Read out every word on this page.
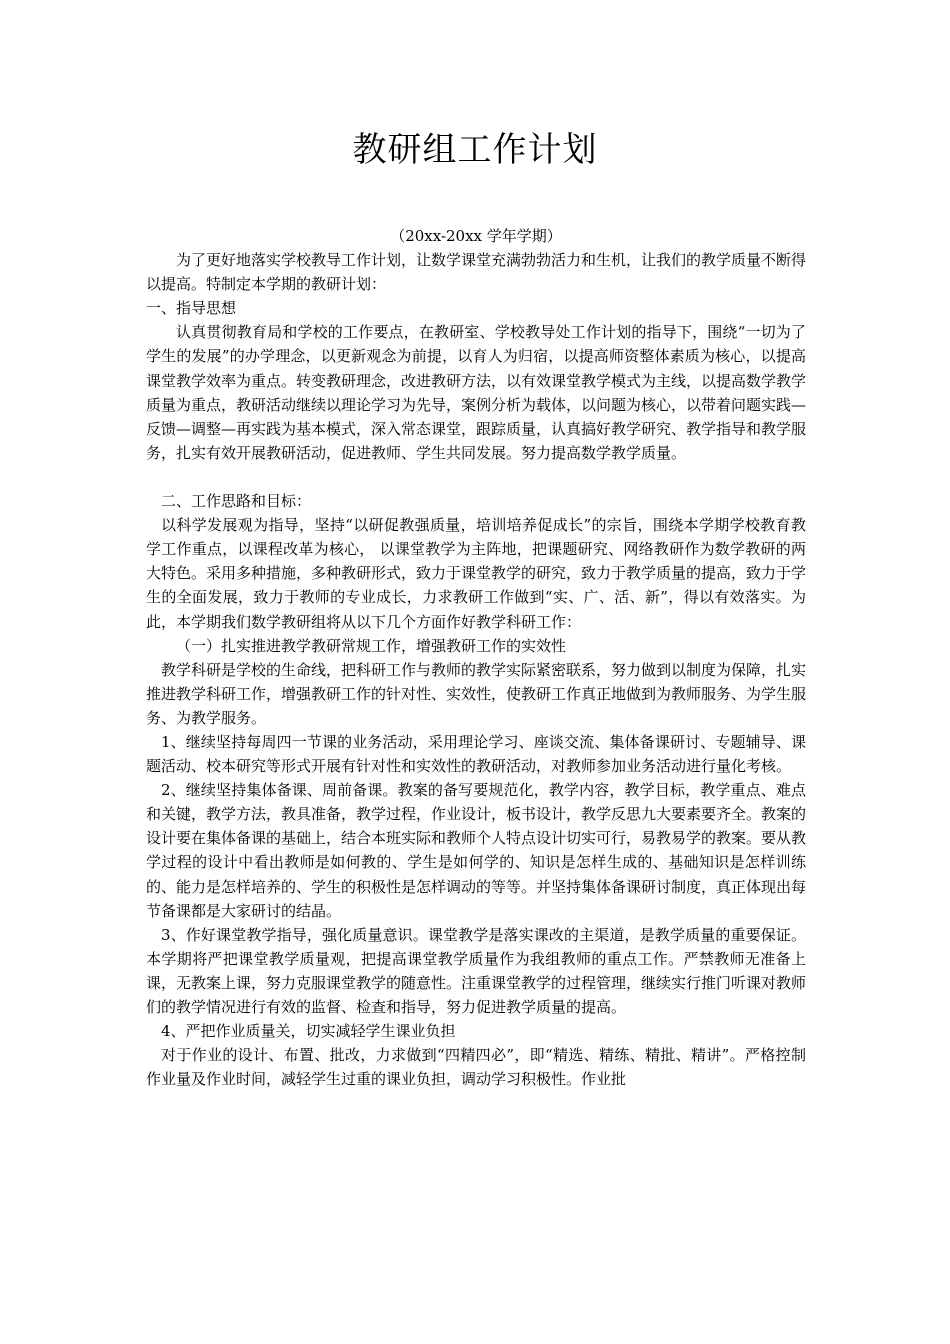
教研组工作计划

（20xx-20xx 学年学期）

为了更好地落实学校教导工作计划，让数学课堂充满勃勃活力和生机，让我们的教学质量不断得以提高。特制定本学期的教研计划：

一、指导思想

认真贯彻教育局和学校的工作要点，在教研室、学校教导处工作计划的指导下，围绕“一切为了学生的发展”的办学理念，以更新观念为前提，以育人为归宿，以提高师资整体素质为核心，以提高课堂教学效率为重点。转变教研理念，改进教研方法，以有效课堂教学模式为主线，以提高数学教学质量为重点，教研活动继续以理论学习为先导，案例分析为载体，以问题为核心，以带着问题实践—反馈—调整—再实践为基本模式，深入常态课堂，跟踪质量，认真搞好教学研究、教学指导和教学服务，扎实有效开展教研活动，促进教师、学生共同发展。努力提高数学教学质量。

二、工作思路和目标：

以科学发展观为指导，坚持“以研促教强质量，培训培养促成长”的宗旨，围绕本学期学校教育教学工作重点，以课程改革为核心， 以课堂教学为主阵地，把课题研究、网络教研作为数学教研的两大特色。采用多种措施，多种教研形式，致力于课堂教学的研究，致力于教学质量的提高，致力于学生的全面发展，致力于教师的专业成长，力求教研工作做到“实、广、活、新”，得以有效落实。为此，本学期我们数学教研组将从以下几个方面作好教学科研工作：

（一）扎实推进教学教研常规工作，增强教研工作的实效性

教学科研是学校的生命线，把科研工作与教师的教学实际紧密联系，努力做到以制度为保障，扎实推进教学科研工作，增强教研工作的针对性、实效性，使教研工作真正地做到为教师服务、为学生服务、为教学服务。

1、继续坚持每周四一节课的业务活动，采用理论学习、座谈交流、集体备课研讨、专题辅导、课题活动、校本研究等形式开展有针对性和实效性的教研活动，对教师参加业务活动进行量化考核。

2、继续坚持集体备课、周前备课。教案的备写要规范化，教学内容，教学目标，教学重点、难点和关键，教学方法，教具准备，教学过程，作业设计，板书设计，教学反思九大要素要齐全。教案的设计要在集体备课的基础上，结合本班实际和教师个人特点设计切实可行，易教易学的教案。要从教学过程的设计中看出教师是如何教的、学生是如何学的、知识是怎样生成的、基础知识是怎样训练的、能力是怎样培养的、学生的积极性是怎样调动的等等。并坚持集体备课研讨制度，真正体现出每节备课都是大家研讨的结晶。

3、作好课堂教学指导，强化质量意识。课堂教学是落实课改的主渠道，是教学质量的重要保证。本学期将严把课堂教学质量观，把提高课堂教学质量作为我组教师的重点工作。严禁教师无准备上课，无教案上课，努力克服课堂教学的随意性。注重课堂教学的过程管理，继续实行推门听课对教师们的教学情况进行有效的监督、检查和指导，努力促进教学质量的提高。

4、严把作业质量关，切实减轻学生课业负担

对于作业的设计、布置、批改，力求做到“四精四必”，即“精选、精练、精批、精讲”。严格控制作业量及作业时间，减轻学生过重的课业负担，调动学习积极性。作业批
